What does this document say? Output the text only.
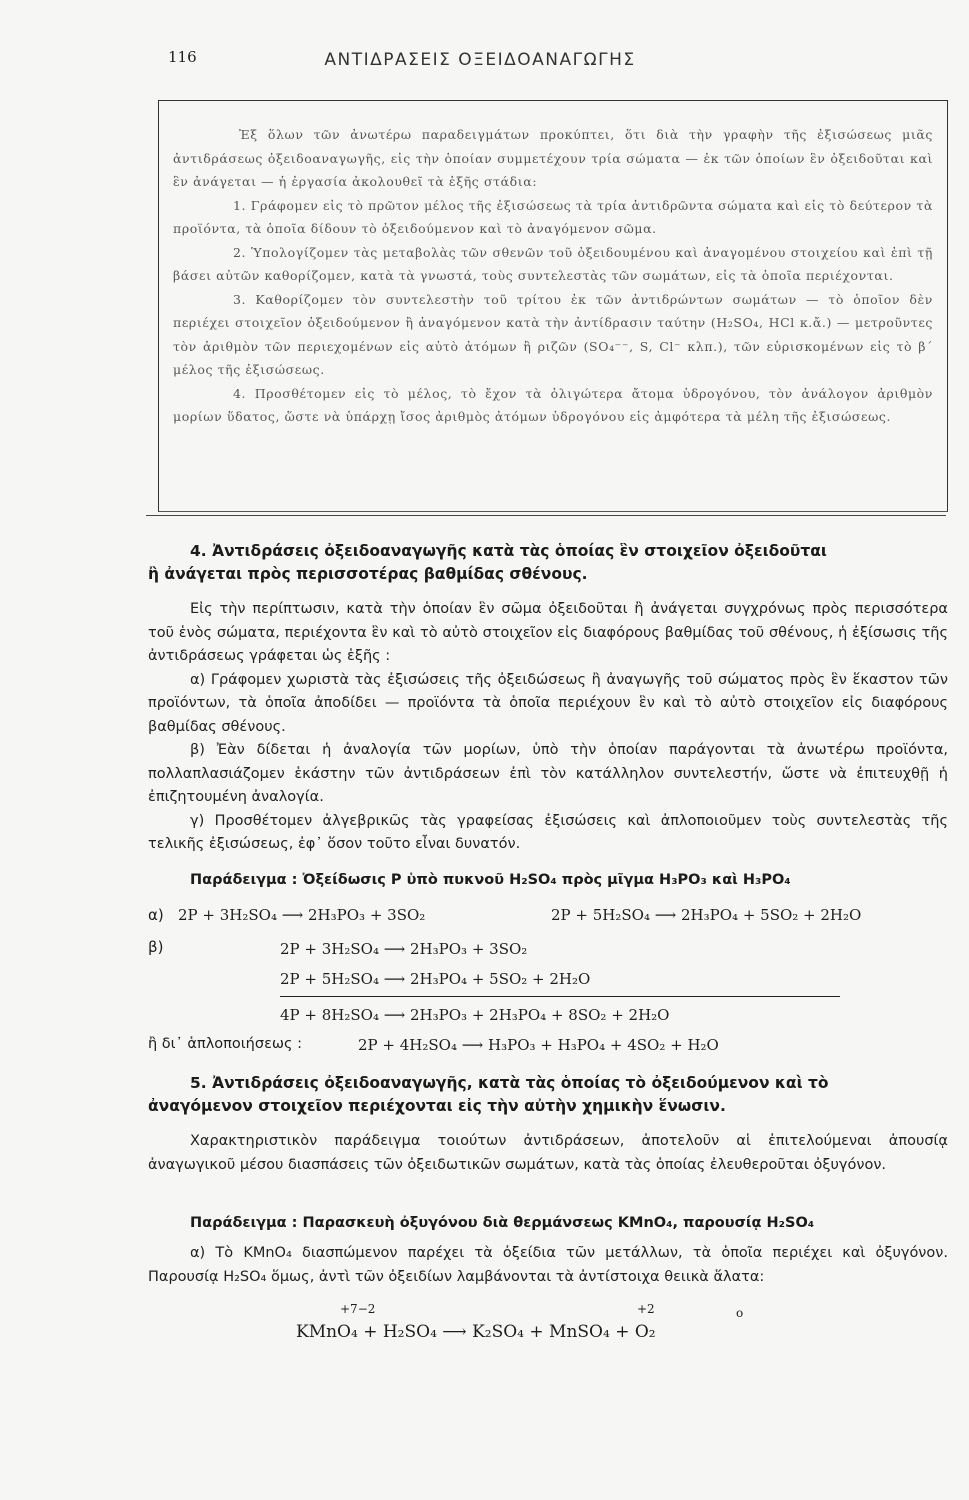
116	ΑΝΤΙΔΡΑΣΕΙΣ ΟΞΕΙΔΟΑΝΑΓΩΓΗΣ

Ἐξ ὅλων τῶν ἀνωτέρω παραδειγμάτων προκύπτει, ὅτι διὰ τὴν γραφὴν τῆς ἐξισώσεως μιᾶς ἀντιδράσεως ὀξειδοαναγωγῆς, εἰς τὴν ὁποίαν συμμετέχουν τρία σώματα — ἐκ τῶν ὁποίων ἓν ὀξειδοῦται καὶ ἓν ἀνάγεται — ἡ ἐργασία ἀκολουθεῖ τὰ ἑξῆς στάδια:

1. Γράφομεν εἰς τὸ πρῶτον μέλος τῆς ἐξισώσεως τὰ τρία ἀντιδρῶντα σώματα καὶ εἰς τὸ δεύτερον τὰ προϊόντα, τὰ ὁποῖα δίδουν τὸ ὀξειδούμενον καὶ τὸ ἀναγόμενον σῶμα.

2. Ὑπολογίζομεν τὰς μεταβολὰς τῶν σθενῶν τοῦ ὀξειδουμένου καὶ ἀναγομένου στοιχείου καὶ ἐπὶ τῇ βάσει αὐτῶν καθορίζομεν, κατὰ τὰ γνωστά, τοὺς συντελεστὰς τῶν σωμάτων, εἰς τὰ ὁποῖα περιέχονται.

3. Καθορίζομεν τὸν συντελεστὴν τοῦ τρίτου ἐκ τῶν ἀντιδρώντων σωμάτων — τὸ ὁποῖον δὲν περιέχει στοιχεῖον ὀξειδούμενον ἢ ἀναγόμενον κατὰ τὴν ἀντίδρασιν ταύτην (H₂SO₄, HCl κ.ἄ.) — μετροῦντες τὸν ἀριθμὸν τῶν περιεχομένων εἰς αὐτὸ ἀτόμων ἢ ριζῶν (SO₄⁻⁻, S, Cl⁻ κλπ.), τῶν εὑρισκομένων εἰς τὸ β΄ μέλος τῆς ἐξισώσεως.

4. Προσθέτομεν εἰς τὸ μέλος, τὸ ἔχον τὰ ὀλιγώτερα ἄτομα ὑδρογόνου, τὸν ἀνάλογον ἀριθμὸν μορίων ὕδατος, ὥστε νὰ ὑπάρχῃ ἴσος ἀριθμὸς ἀτόμων ὑδρογόνου εἰς ἀμφότερα τὰ μέλη τῆς ἐξισώσεως.

4. Ἀντιδράσεις ὀξειδοαναγωγῆς κατὰ τὰς ὁποίας ἓν στοιχεῖον ὀξειδοῦται
ἢ ἀνάγεται πρὸς περισσοτέρας βαθμίδας σθένους.

Εἰς τὴν περίπτωσιν, κατὰ τὴν ὁποίαν ἓν σῶμα ὀξειδοῦται ἢ ἀνάγεται συγχρόνως πρὸς περισσότερα τοῦ ἑνὸς σώματα, περιέχοντα ἓν καὶ τὸ αὐτὸ στοιχεῖον εἰς διαφόρους βαθμίδας τοῦ σθένους, ἡ ἐξίσωσις τῆς ἀντιδράσεως γράφεται ὡς ἑξῆς :

α) Γράφομεν χωριστὰ τὰς ἐξισώσεις τῆς ὀξειδώσεως ἢ ἀναγωγῆς τοῦ σώματος πρὸς ἓν ἕκαστον τῶν προϊόντων, τὰ ὁποῖα ἀποδίδει — προϊόντα τὰ ὁποῖα περιέχουν ἓν καὶ τὸ αὐτὸ στοιχεῖον εἰς διαφόρους βαθμίδας σθένους.

β) Ἐὰν δίδεται ἡ ἀναλογία τῶν μορίων, ὑπὸ τὴν ὁποίαν παράγονται τὰ ἀνωτέρω προϊόντα, πολλαπλασιάζομεν ἑκάστην τῶν ἀντιδράσεων ἐπὶ τὸν κατάλληλον συντελεστήν, ὥστε νὰ ἐπιτευχθῇ ἡ ἐπιζητουμένη ἀναλογία.

γ) Προσθέτομεν ἀλγεβρικῶς τὰς γραφείσας ἐξισώσεις καὶ ἀπλοποιοῦμεν τοὺς συντελεστὰς τῆς τελικῆς ἐξισώσεως, ἐφ᾿ ὅσον τοῦτο εἶναι δυνατόν.

Παράδειγμα : Ὀξείδωσις P ὑπὸ πυκνοῦ H₂SO₄ πρὸς μῖγμα H₃PO₃ καὶ H₃PO₄
α) 2P + 3H₂SO₄ ⟶ 2H₃PO₃ + 3SO₂	2P + 5H₂SO₄ ⟶ 2H₃PO₄ + 5SO₂ + 2H₂O
β)	2P + 3H₂SO₄ ⟶ 2H₃PO₃ + 3SO₂
2P + 5H₂SO₄ ⟶ 2H₃PO₄ + 5SO₂ + 2H₂O
4P + 8H₂SO₄ ⟶ 2H₃PO₃ + 2H₃PO₄ + 8SO₂ + 2H₂O
ἢ δι᾿ ἁπλοποιήσεως :	2P + 4H₂SO₄ ⟶ H₃PO₃ + H₃PO₄ + 4SO₂ + H₂O
5. Ἀντιδράσεις ὀξειδοαναγωγῆς, κατὰ τὰς ὁποίας τὸ ὀξειδούμενον καὶ τὸ
ἀναγόμενον στοιχεῖον περιέχονται εἰς τὴν αὐτὴν χημικὴν ἕνωσιν.

Χαρακτηριστικὸν παράδειγμα τοιούτων ἀντιδράσεων, ἀποτελοῦν αἱ ἐπιτελούμεναι ἀπουσίᾳ ἀναγωγικοῦ μέσου διασπάσεις τῶν ὀξειδωτικῶν σωμάτων, κατὰ τὰς ὁποίας ἐλευθεροῦται ὀξυγόνον.

Παράδειγμα : Παρασκευὴ ὀξυγόνου διὰ θερμάνσεως KMnO₄, παρουσίᾳ H₂SO₄

α) Τὸ KMnO₄ διασπώμενον παρέχει τὰ ὀξείδια τῶν μετάλλων, τὰ ὁποῖα περιέχει καὶ ὀξυγόνον. Παρουσίᾳ H₂SO₄ ὅμως, ἀντὶ τῶν ὀξειδίων λαμβάνονται τὰ ἀντίστοιχα θειικὰ ἅλατα:

+7−2	+2	o
KMnO₄ + H₂SO₄ ⟶ K₂SO₄ + MnSO₄ + O₂
